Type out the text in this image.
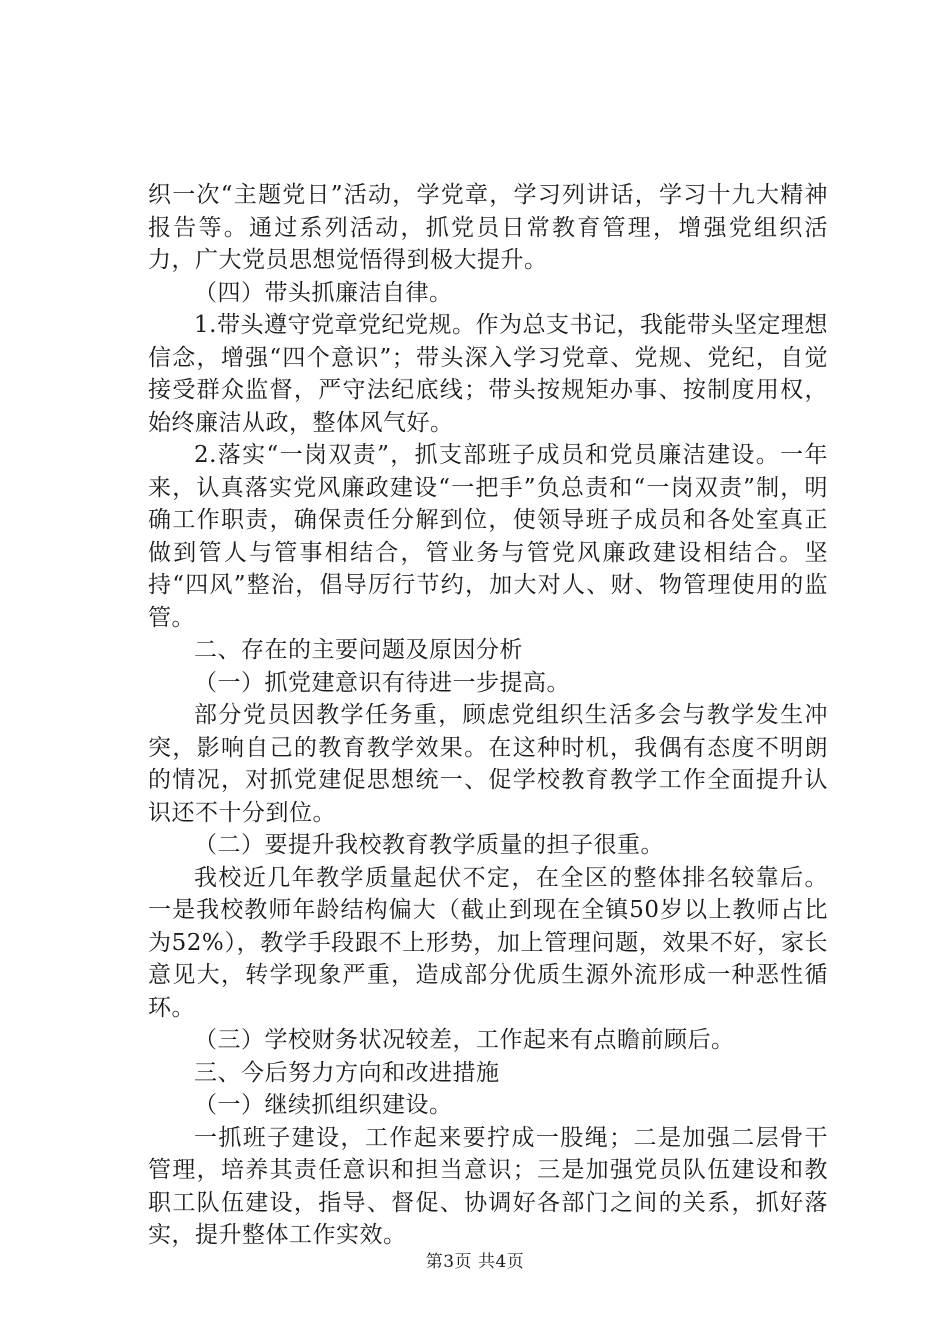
织一次“主题党日”活动，学党章，学习列讲话，学习十九大精神报告等。通过系列活动，抓党员日常教育管理，增强党组织活力，广大党员思想觉悟得到极大提升。

（四）带头抓廉洁自律。

1.带头遵守党章党纪党规。作为总支书记，我能带头坚定理想信念，增强“四个意识”；带头深入学习党章、党规、党纪，自觉接受群众监督，严守法纪底线；带头按规矩办事、按制度用权，始终廉洁从政，整体风气好。

2.落实“一岗双责”，抓支部班子成员和党员廉洁建设。一年来，认真落实党风廉政建设“一把手”负总责和“一岗双责”制，明确工作职责，确保责任分解到位，使领导班子成员和各处室真正做到管人与管事相结合，管业务与管党风廉政建设相结合。坚持“四风”整治，倡导厉行节约，加大对人、财、物管理使用的监管。

二、存在的主要问题及原因分析

（一）抓党建意识有待进一步提高。

部分党员因教学任务重，顾虑党组织生活多会与教学发生冲突，影响自己的教育教学效果。在这种时机，我偶有态度不明朗的情况，对抓党建促思想统一、促学校教育教学工作全面提升认识还不十分到位。

（二）要提升我校教育教学质量的担子很重。

我校近几年教学质量起伏不定，在全区的整体排名较靠后。一是我校教师年龄结构偏大（截止到现在全镇50岁以上教师占比为52%），教学手段跟不上形势，加上管理问题，效果不好，家长意见大，转学现象严重，造成部分优质生源外流形成一种恶性循环。

（三）学校财务状况较差，工作起来有点瞻前顾后。

三、今后努力方向和改进措施

（一）继续抓组织建设。

一抓班子建设，工作起来要拧成一股绳；二是加强二层骨干管理，培养其责任意识和担当意识；三是加强党员队伍建设和教职工队伍建设，指导、督促、协调好各部门之间的关系，抓好落实，提升整体工作实效。

第3页 共4页
